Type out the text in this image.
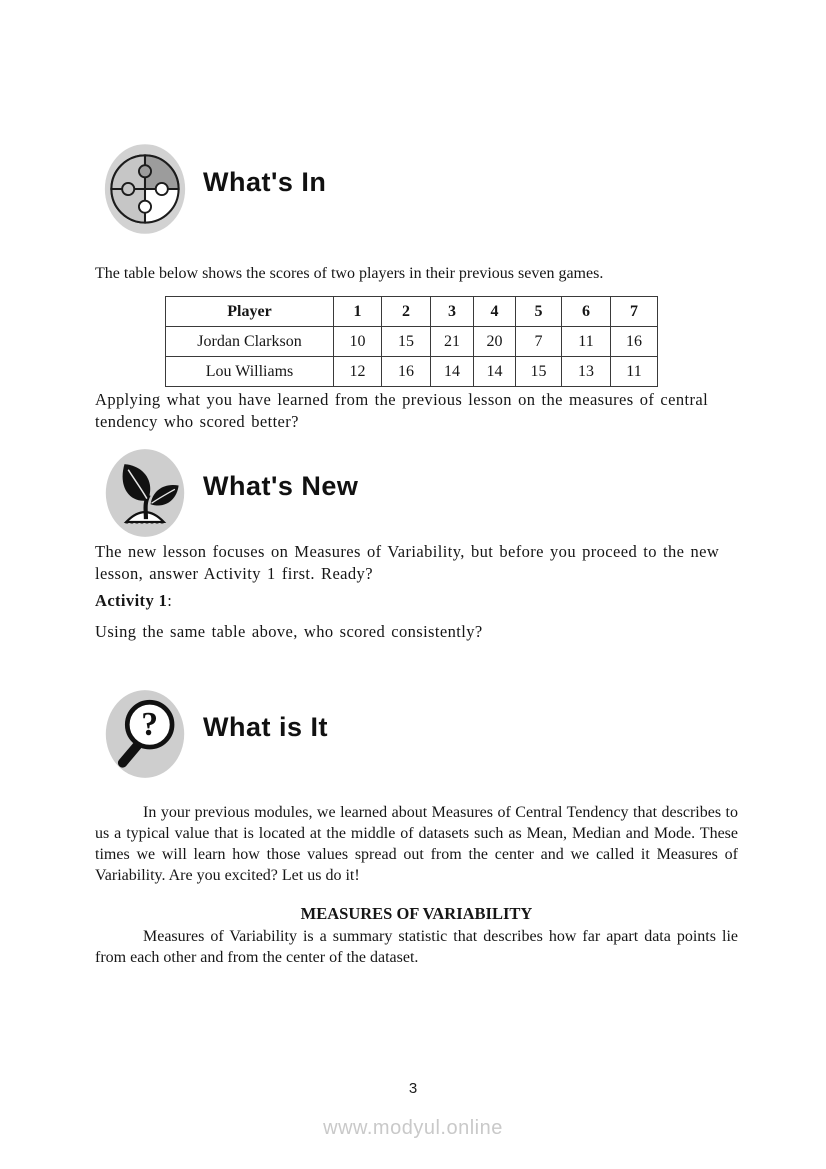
What's In

The table below shows the scores of two players in their previous seven games.

Player	1	2	3	4	5	6	7
Jordan Clarkson	10	15	21	20	7	11	16
Lou Williams	12	16	14	14	15	13	11

Applying what you have learned from the previous lesson on the measures of central tendency who scored better?

What's New

The new lesson focuses on Measures of Variability, but before you proceed to the new lesson, answer Activity 1 first. Ready?

Activity 1:

Using the same table above, who scored consistently?

? What is It

In your previous modules, we learned about Measures of Central Tendency that describes to us a typical value that is located at the middle of datasets such as Mean, Median and Mode. These times we will learn how those values spread out from the center and we called it Measures of Variability. Are you excited? Let us do it!

MEASURES OF VARIABILITY

Measures of Variability is a summary statistic that describes how far apart data points lie from each other and from the center of the dataset.

3
www.modyul.online
